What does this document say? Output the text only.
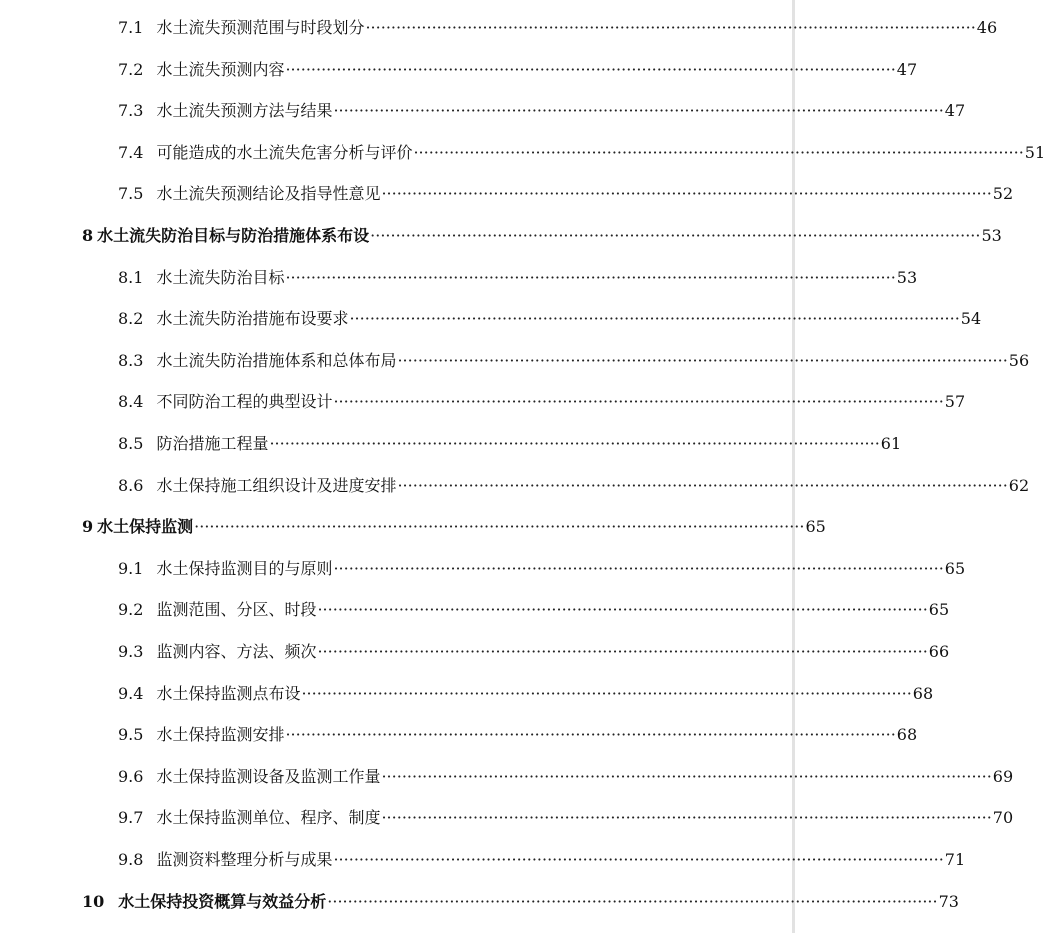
7.1 水土流失预测范围与时段划分 ························································································································ 46
7.2 水土流失预测内容 ························································································································ 47
7.3 水土流失预测方法与结果 ························································································································ 47
7.4 可能造成的水土流失危害分析与评价 ························································································································ 51
7.5 水土流失预测结论及指导性意见 ························································································································ 52
8 水土流失防治目标与防治措施体系布设 ························································································································ 53
8.1 水土流失防治目标 ························································································································ 53
8.2 水土流失防治措施布设要求 ························································································································ 54
8.3 水土流失防治措施体系和总体布局 ························································································································ 56
8.4 不同防治工程的典型设计 ························································································································ 57
8.5 防治措施工程量 ························································································································ 61
8.6 水土保持施工组织设计及进度安排 ························································································································ 62
9 水土保持监测 ························································································································ 65
9.1 水土保持监测目的与原则 ························································································································ 65
9.2 监测范围、分区、时段 ························································································································ 65
9.3 监测内容、方法、频次 ························································································································ 66
9.4 水土保持监测点布设 ························································································································ 68
9.5 水土保持监测安排 ························································································································ 68
9.6 水土保持监测设备及监测工作量 ························································································································ 69
9.7 水土保持监测单位、程序、制度 ························································································································ 70
9.8 监测资料整理分析与成果 ························································································································ 71
10 水土保持投资概算与效益分析 ························································································································ 73
